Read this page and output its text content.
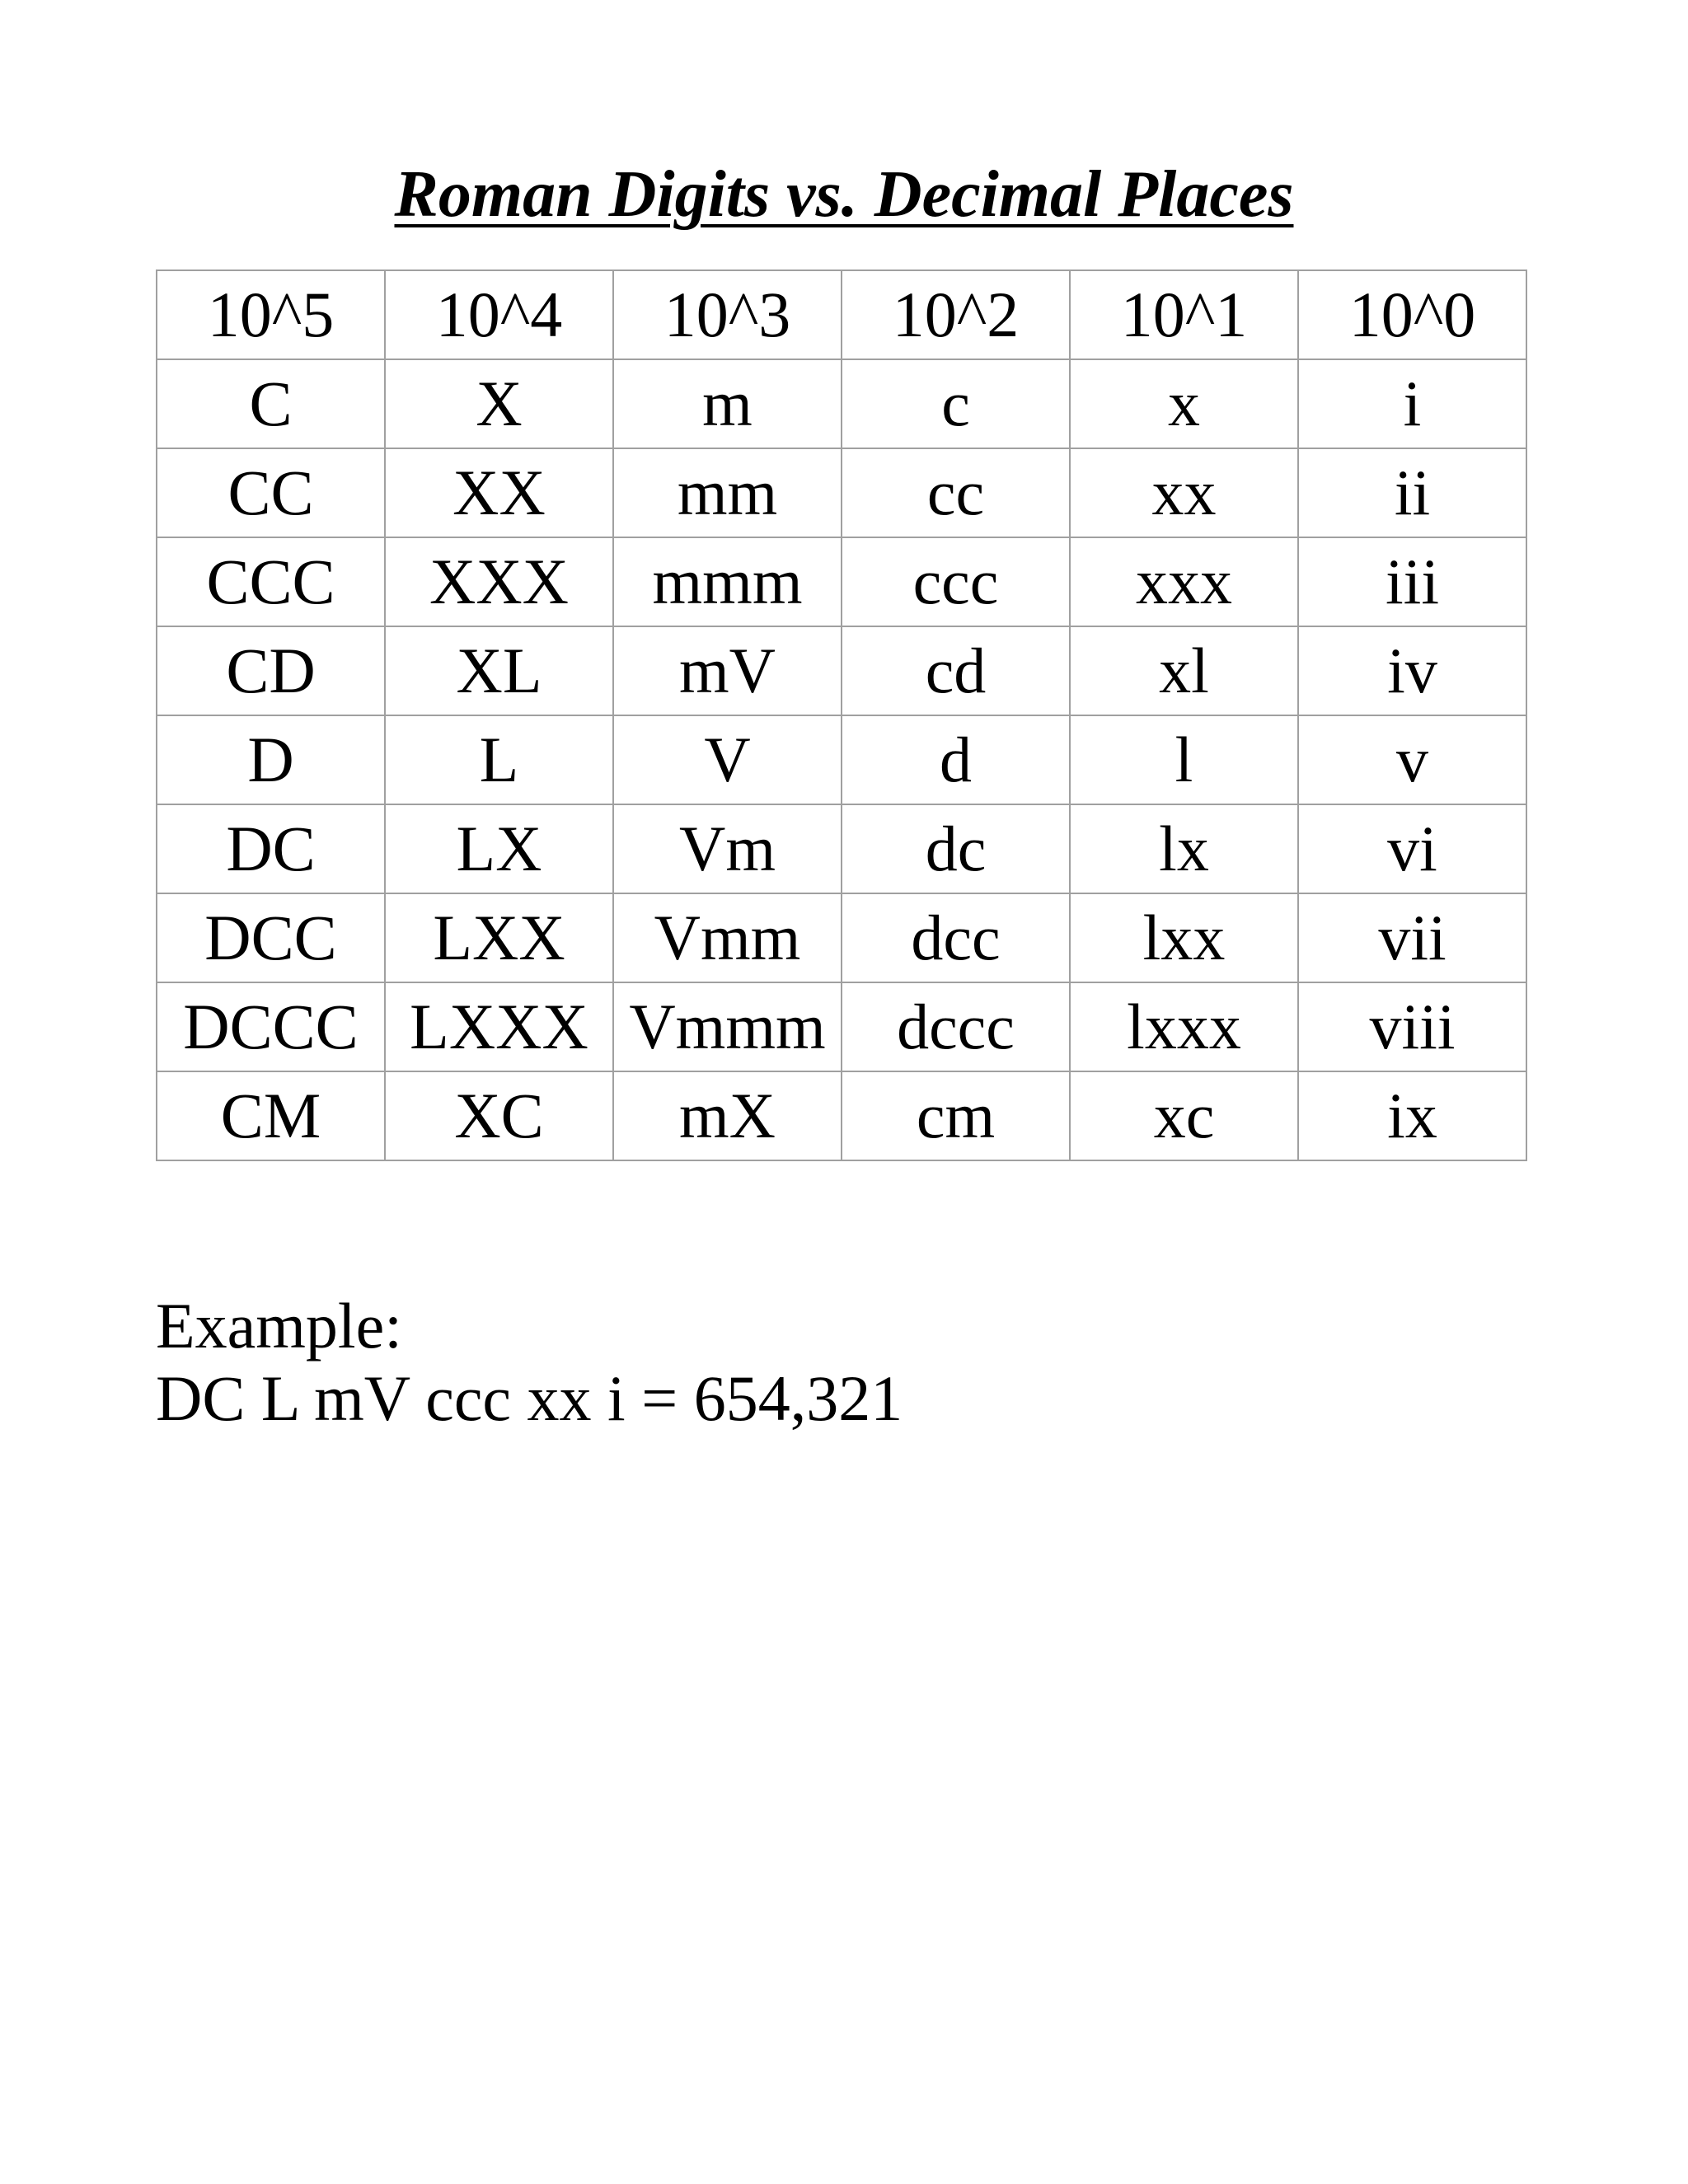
Roman Digits vs. Decimal Places
10^5	10^4	10^3	10^2	10^1	10^0
C	X	m	c	x	i
CC	XX	mm	cc	xx	ii
CCC	XXX	mmm	ccc	xxx	iii
CD	XL	mV	cd	xl	iv
D	L	V	d	l	v
DC	LX	Vm	dc	lx	vi
DCC	LXX	Vmm	dcc	lxx	vii
DCCC	LXXX	Vmmm	dccc	lxxx	viii
CM	XC	mX	cm	xc	ix
Example:
DC L mV ccc xx i = 654,321
